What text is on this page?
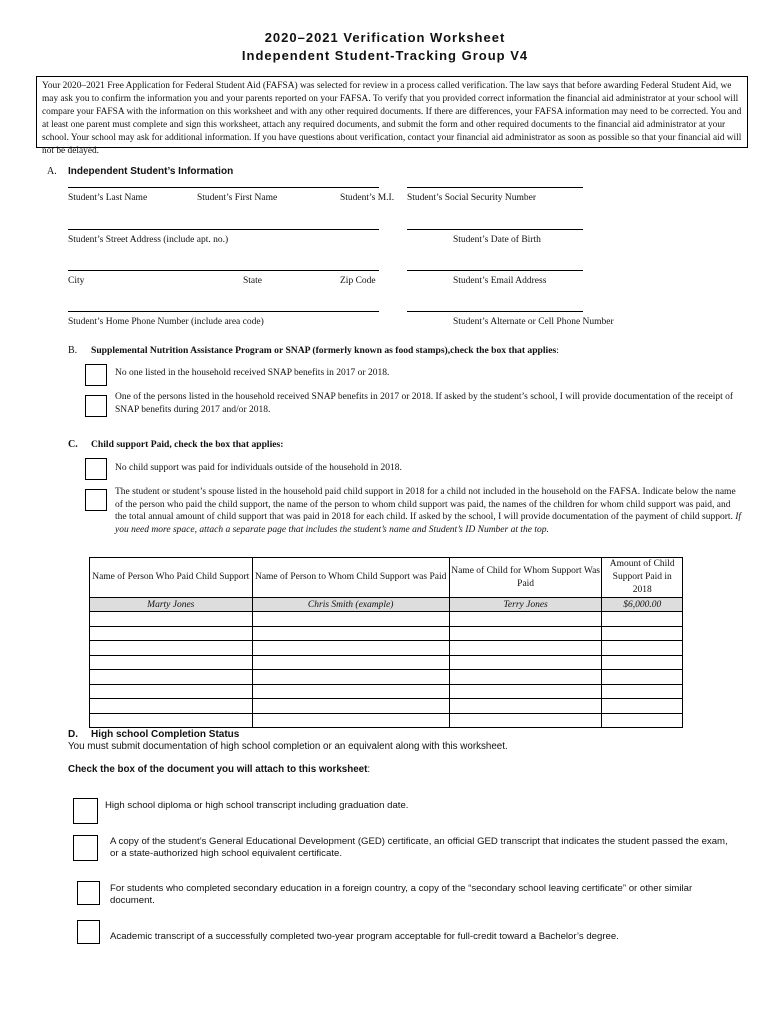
2020–2021 Verification Worksheet
Independent Student-Tracking Group V4
Your 2020–2021 Free Application for Federal Student Aid (FAFSA) was selected for review in a process called verification. The law says that before awarding Federal Student Aid, we may ask you to confirm the information you and your parents reported on your FAFSA. To verify that you provided correct information the financial aid administrator at your school will compare your FAFSA with the information on this worksheet and with any other required documents. If there are differences, your FAFSA information may need to be corrected. You and at least one parent must complete and sign this worksheet, attach any required documents, and submit the form and other required documents to the financial aid administrator at your school. Your school may ask for additional information. If you have questions about verification, contact your financial aid administrator as soon as possible so that your financial aid will not be delayed.
A. Independent Student’s Information
Student’s Last Name	Student’s First Name	Student’s M.I. Student’s Social Security Number
Student’s Street Address (include apt. no.)	Student’s Date of Birth
City	State	Zip Code	Student’s Email Address
Student’s Home Phone Number (include area code)	Student’s Alternate or Cell Phone Number
B. Supplemental Nutrition Assistance Program or SNAP (formerly known as food stamps),check the box that applies:
No one listed in the household received SNAP benefits in 2017 or 2018.
One of the persons listed in the household received SNAP benefits in 2017 or 2018. If asked by the student’s school, I will provide documentation of the receipt of SNAP benefits during 2017 and/or 2018.
C. Child support Paid, check the box that applies:
No child support was paid for individuals outside of the household in 2018.
The student or student’s spouse listed in the household paid child support in 2018 for a child not included in the household on the FAFSA. Indicate below the name of the person who paid the child support, the name of the person to whom child support was paid, the names of the children for whom child support was paid, and the total annual amount of child support that was paid in 2018 for each child. If asked by the school, I will provide documentation of the payment of child support. If you need more space, attach a separate page that includes the student’s name and Student’s ID Number at the top.
Name of Person Who Paid Child Support	Name of Person to Whom Child Support was Paid	Name of Child for Whom Support Was Paid	Amount of Child Support Paid in 2018
Marty Jones	Chris Smith (example)	Terry Jones	$6,000.00

D. High school Completion Status
You must submit documentation of high school completion or an equivalent along with this worksheet.
Check the box of the document you will attach to this worksheet:
High school diploma or high school transcript including graduation date.
A copy of the student’s General Educational Development (GED) certificate, an official GED transcript that indicates the student passed the exam, or a state-authorized high school equivalent certificate.
For students who completed secondary education in a foreign country, a copy of the “secondary school leaving certificate” or other similar document.
Academic transcript of a successfully completed two-year program acceptable for full-credit toward a Bachelor’s degree.
